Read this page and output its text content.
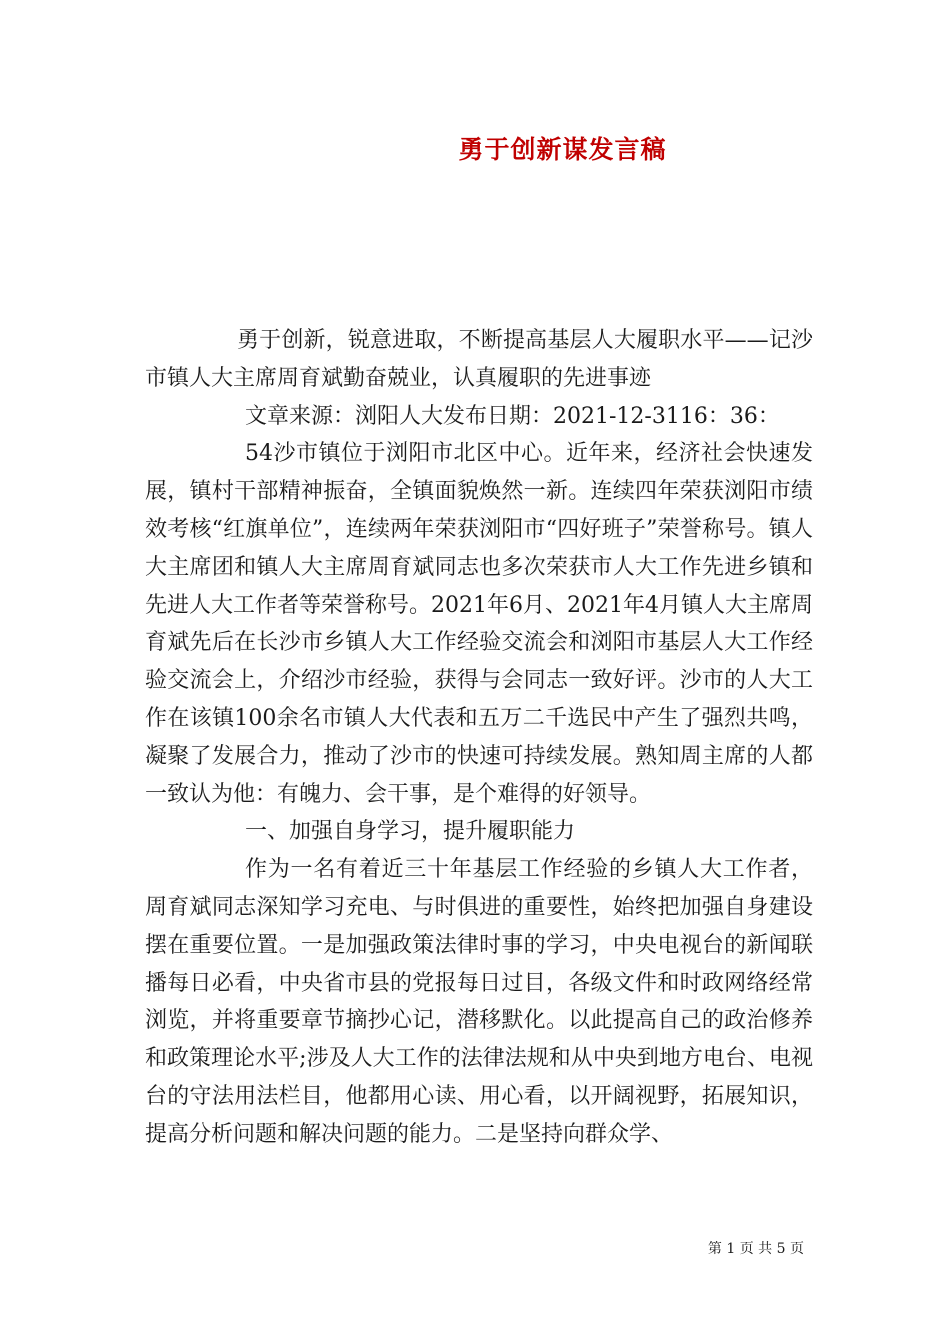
勇于创新谋发言稿

勇于创新，锐意进取，不断提高基层人大履职水平——记沙市镇人大主席周育斌勤奋兢业，认真履职的先进事迹

文章来源：浏阳人大发布日期：2021-12-3116：36：

54沙市镇位于浏阳市北区中心。近年来，经济社会快速发展，镇村干部精神振奋，全镇面貌焕然一新。连续四年荣获浏阳市绩效考核“红旗单位”，连续两年荣获浏阳市“四好班子”荣誉称号。镇人大主席团和镇人大主席周育斌同志也多次荣获市人大工作先进乡镇和先进人大工作者等荣誉称号。2021年6月、2021年4月镇人大主席周育斌先后在长沙市乡镇人大工作经验交流会和浏阳市基层人大工作经验交流会上，介绍沙市经验，获得与会同志一致好评。沙市的人大工作在该镇100余名市镇人大代表和五万二千选民中产生了强烈共鸣，凝聚了发展合力，推动了沙市的快速可持续发展。熟知周主席的人都一致认为他：有魄力、会干事，是个难得的好领导。

一、加强自身学习，提升履职能力

作为一名有着近三十年基层工作经验的乡镇人大工作者，周育斌同志深知学习充电、与时俱进的重要性，始终把加强自身建设摆在重要位置。一是加强政策法律时事的学习，中央电视台的新闻联播每日必看，中央省市县的党报每日过目，各级文件和时政网络经常浏览，并将重要章节摘抄心记，潜移默化。以此提高自己的政治修养和政策理论水平;涉及人大工作的法律法规和从中央到地方电台、电视台的守法用法栏目，他都用心读、用心看，以开阔视野，拓展知识，提高分析问题和解决问题的能力。二是坚持向群众学、

第 1 页 共 5 页
